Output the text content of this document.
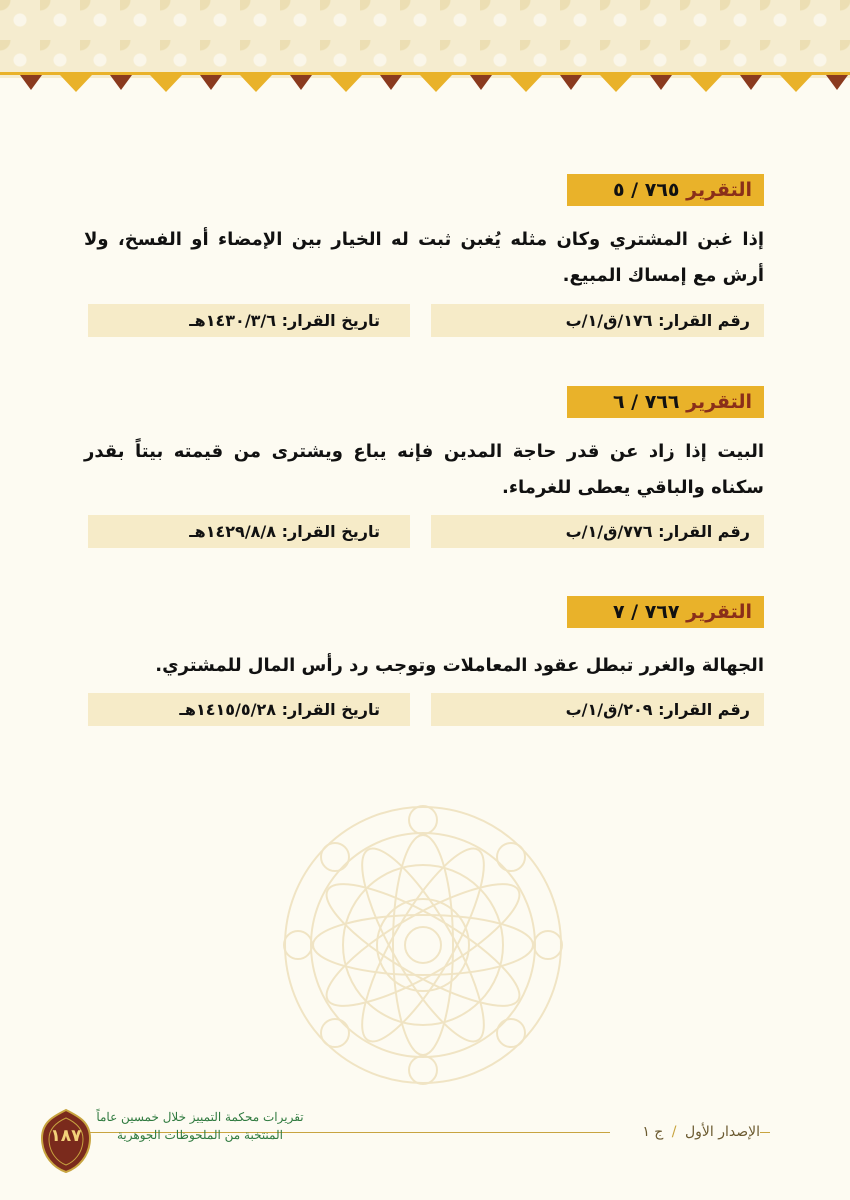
التقرير ٧٦٥ / ٥
إذا غبن المشتري وكان مثله يُغبن ثبت له الخيار بين الإمضاء أو الفسخ، ولا أرش مع إمساك المبيع.
رقم القرار: ١٧٦/ق/١/ب
تاريخ القرار: ١٤٣٠/٣/٦هـ
التقرير ٧٦٦ / ٦
البيت إذا زاد عن قدر حاجة المدين فإنه يباع ويشترى من قيمته بيتاً بقدر سكناه والباقي يعطى للغرماء.
رقم القرار: ٧٧٦/ق/١/ب
تاريخ القرار: ١٤٢٩/٨/٨هـ
التقرير ٧٦٧ / ٧
الجهالة والغرر تبطل عقود المعاملات وتوجب رد رأس المال للمشتري.
رقم القرار: ٢٠٩/ق/١/ب
تاريخ القرار: ١٤١٥/٥/٢٨هـ
الإصدار الأول / ج ١
تقريرات محكمة التمييز خلال خمسين عاماً
المنتخبة من الملحوظات الجوهرية
١٨٧
